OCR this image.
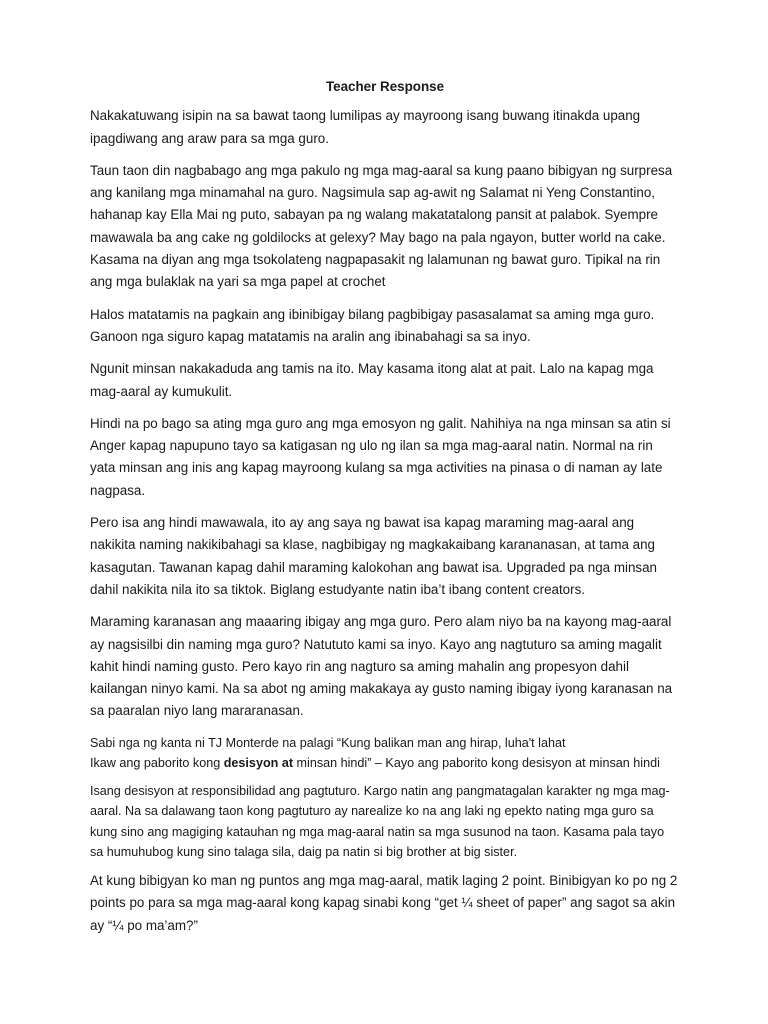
Teacher Response

Nakakatuwang isipin na sa bawat taong lumilipas ay mayroong isang buwang itinakda upang ipagdiwang ang araw para sa mga guro.

Taun taon din nagbabago ang mga pakulo ng mga mag-aaral sa kung paano bibigyan ng surpresa ang kanilang mga minamahal na guro. Nagsimula sap ag-awit ng Salamat ni Yeng Constantino, hahanap kay Ella Mai ng puto, sabayan pa ng walang makatatalong pansit at palabok. Syempre mawawala ba ang cake ng goldilocks at gelexy? May bago na pala ngayon, butter world na cake. Kasama na diyan ang mga tsokolateng nagpapasakit ng lalamunan ng bawat guro. Tipikal na rin ang mga bulaklak na yari sa mga papel at crochet

Halos matatamis na pagkain ang ibinibigay bilang pagbibigay pasasalamat sa aming mga guro. Ganoon nga siguro kapag matatamis na aralin ang ibinabahagi sa sa inyo.

Ngunit minsan nakakaduda ang tamis na ito. May kasama itong alat at pait. Lalo na kapag mga mag-aaral ay kumukulit.

Hindi na po bago sa ating mga guro ang mga emosyon ng galit. Nahihiya na nga minsan sa atin si Anger kapag napupuno tayo sa katigasan ng ulo ng ilan sa mga mag-aaral natin. Normal na rin yata minsan ang inis ang kapag mayroong kulang sa mga activities na pinasa o di naman ay late nagpasa.

Pero isa ang hindi mawawala, ito ay ang saya ng bawat isa kapag maraming mag-aaral ang nakikita naming nakikibahagi sa klase, nagbibigay ng magkakaibang karananasan, at tama ang kasagutan. Tawanan kapag dahil maraming kalokohan ang bawat isa. Upgraded pa nga minsan dahil nakikita nila ito sa tiktok. Biglang estudyante natin iba’t ibang content creators.

Maraming karanasan ang maaaring ibigay ang mga guro. Pero alam niyo ba na kayong mag-aaral ay nagsisilbi din naming mga guro? Natututo kami sa inyo. Kayo ang nagtuturo sa aming magalit kahit hindi naming gusto. Pero kayo rin ang nagturo sa aming mahalin ang propesyon dahil kailangan ninyo kami. Na sa abot ng aming makakaya ay gusto naming ibigay iyong karanasan na sa paaralan niyo lang mararanasan.

Sabi nga ng kanta ni TJ Monterde na palagi “Kung balikan man ang hirap, luha't lahat
Ikaw ang paborito kong desisyon at minsan hindi” – Kayo ang paborito kong desisyon at minsan hindi

Isang desisyon at responsibilidad ang pagtuturo. Kargo natin ang pangmatagalan karakter ng mga mag-aaral. Na sa dalawang taon kong pagtuturo ay narealize ko na ang laki ng epekto nating mga guro sa kung sino ang magiging katauhan ng mga mag-aaral natin sa mga susunod na taon. Kasama pala tayo sa humuhubog kung sino talaga sila, daig pa natin si big brother at big sister.

At kung bibigyan ko man ng puntos ang mga mag-aaral, matik laging 2 point. Binibigyan ko po ng 2 points po para sa mga mag-aaral kong kapag sinabi kong “get ¼ sheet of paper” ang sagot sa akin ay “¼ po ma’am?”
